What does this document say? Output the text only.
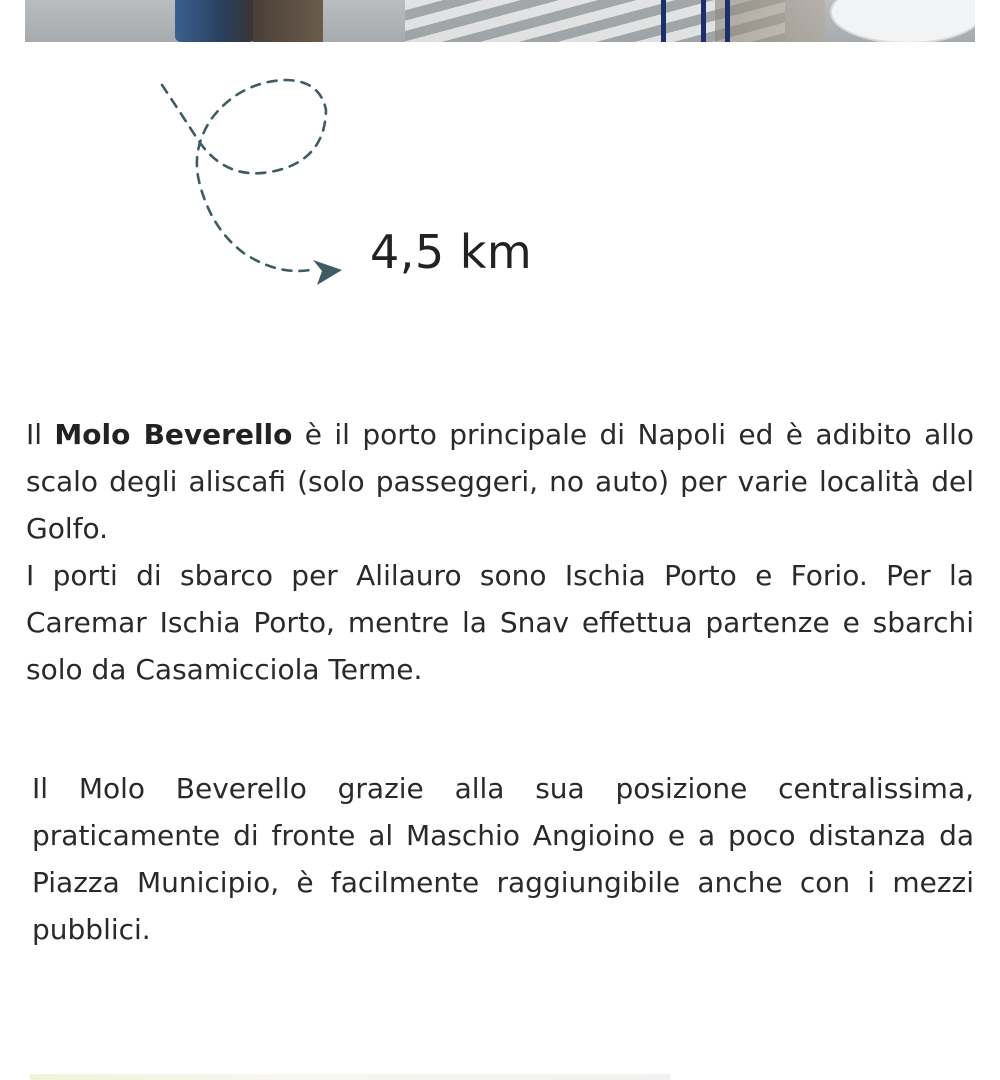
4,5 km

Il Molo Beverello è il porto principale di Napoli ed è adibito allo scalo degli aliscafi (solo passeggeri, no auto) per varie località del Golfo.

I porti di sbarco per Alilauro sono Ischia Porto e Forio. Per la Caremar Ischia Porto, mentre la Snav effettua partenze e sbarchi solo da Casamicciola Terme.

Il Molo Beverello grazie alla sua posizione centralissima, praticamente di fronte al Maschio Angioino e a poco distanza da Piazza Municipio, è facilmente raggiungibile anche con i mezzi pubblici.
